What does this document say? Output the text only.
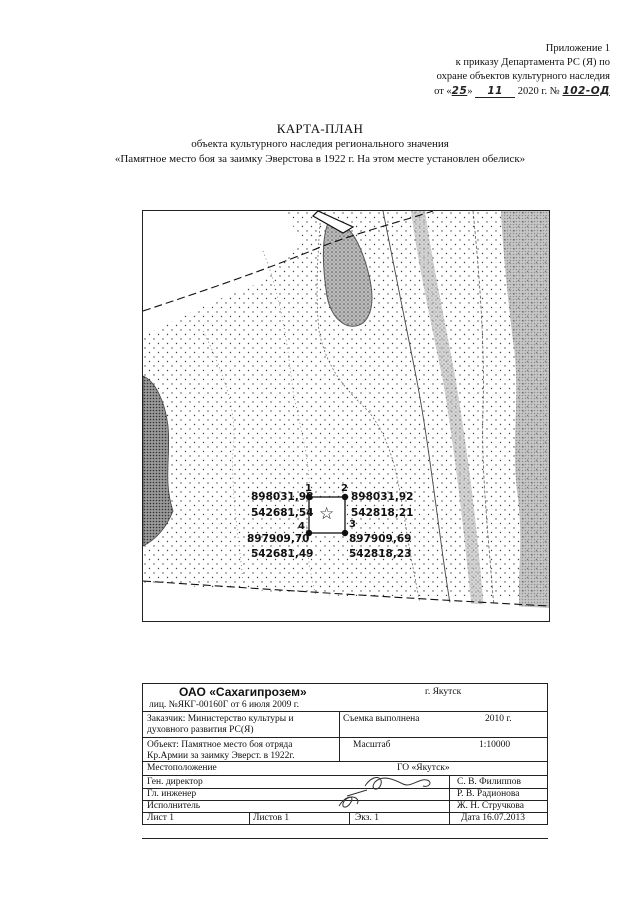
Приложение 1
к приказу Департамента РС (Я) по
охране объектов культурного наследия
от «25» 11 2020 г. № 102-ОД
КАРТА-ПЛАН
объекта культурного наследия регионального значения
«Памятное место боя за заимку Эверстова в 1922 г. На этом месте установлен обелиск»
☆
1	2
3
4
898031,98
542681,54
898031,92
542818,21
897909,70
542681,49
897909,69
542818,23
ОАО «Сахагипрозем»	г. Якутск
лиц. №ЯКГ-00160Г от 6 июля 2009 г.
Заказчик: Министерство культуры и
духовного развития РС(Я)
Съемка выполнена	2010 г.
Объект: Памятное место боя отряда
Кр.Армии за заимку Эверст. в 1922г.
Масштаб	1:10000
Местоположение	ГО «Якутск»
Ген. директор	С. В. Филиппов
Гл. инженер	Р. В. Радионова
Исполнитель	Ж. Н. Стручкова
Лист 1	Листов 1	Экз. 1	Дата 16.07.2013
